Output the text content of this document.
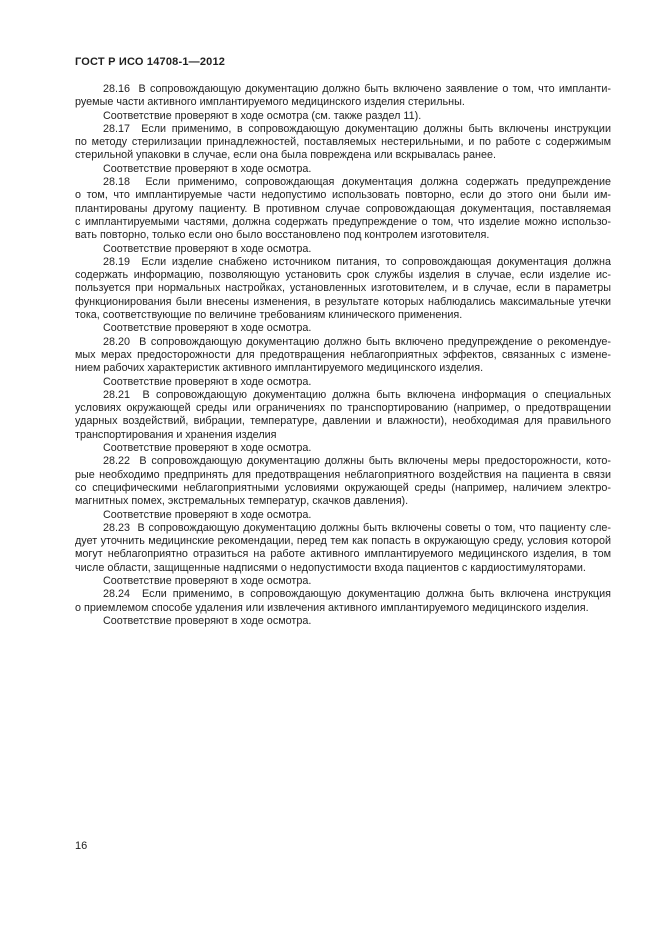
ГОСТ Р ИСО 14708-1—2012
28.16  В сопровождающую документацию должно быть включено заявление о том, что импланти-
руемые части активного имплантируемого медицинского изделия стерильны.
Соответствие проверяют в ходе осмотра (см. также раздел 11).
28.17  Если применимо, в сопровождающую документацию должны быть включены инструкции
по методу стерилизации принадлежностей, поставляемых нестерильными, и по работе с содержимым
стерильной упаковки в случае, если она была повреждена или вскрывалась ранее.
Соответствие проверяют в ходе осмотра.
28.18  Если применимо, сопровождающая документация должна содержать предупреждение
о том, что имплантируемые части недопустимо использовать повторно, если до этого они были им-
плантированы другому пациенту. В противном случае сопровождающая документация, поставляемая
с имплантируемыми частями, должна содержать предупреждение о том, что изделие можно использо-
вать повторно, только если оно было восстановлено под контролем изготовителя.
Соответствие проверяют в ходе осмотра.
28.19  Если изделие снабжено источником питания, то сопровождающая документация должна
содержать информацию, позволяющую установить срок службы изделия в случае, если изделие ис-
пользуется при нормальных настройках, установленных изготовителем, и в случае, если в параметры
функционирования были внесены изменения, в результате которых наблюдались максимальные утечки
тока, соответствующие по величине требованиям клинического применения.
Соответствие проверяют в ходе осмотра.
28.20  В сопровождающую документацию должно быть включено предупреждение о рекомендуе-
мых мерах предосторожности для предотвращения неблагоприятных эффектов, связанных с измене-
нием рабочих характеристик активного имплантируемого медицинского изделия.
Соответствие проверяют в ходе осмотра.
28.21  В сопровождающую документацию должна быть включена информация о специальных
условиях окружающей среды или ограничениях по транспортированию (например, о предотвращении
ударных воздействий, вибрации, температуре, давлении и влажности), необходимая для правильного
транспортирования и хранения изделия
Соответствие проверяют в ходе осмотра.
28.22  В сопровождающую документацию должны быть включены меры предосторожности, кото-
рые необходимо предпринять для предотвращения неблагоприятного воздействия на пациента в связи
со специфическими неблагоприятными условиями окружающей среды (например, наличием электро-
магнитных помех, экстремальных температур, скачков давления).
Соответствие проверяют в ходе осмотра.
28.23  В сопровождающую документацию должны быть включены советы о том, что пациенту сле-
дует уточнить медицинские рекомендации, перед тем как попасть в окружающую среду, условия которой
могут неблагоприятно отразиться на работе активного имплантируемого медицинского изделия, в том
числе области, защищенные надписями о недопустимости входа пациентов с кардиостимуляторами.
Соответствие проверяют в ходе осмотра.
28.24  Если применимо, в сопровождающую документацию должна быть включена инструкция
о приемлемом способе удаления или извлечения активного имплантируемого медицинского изделия.
Соответствие проверяют в ходе осмотра.
16
